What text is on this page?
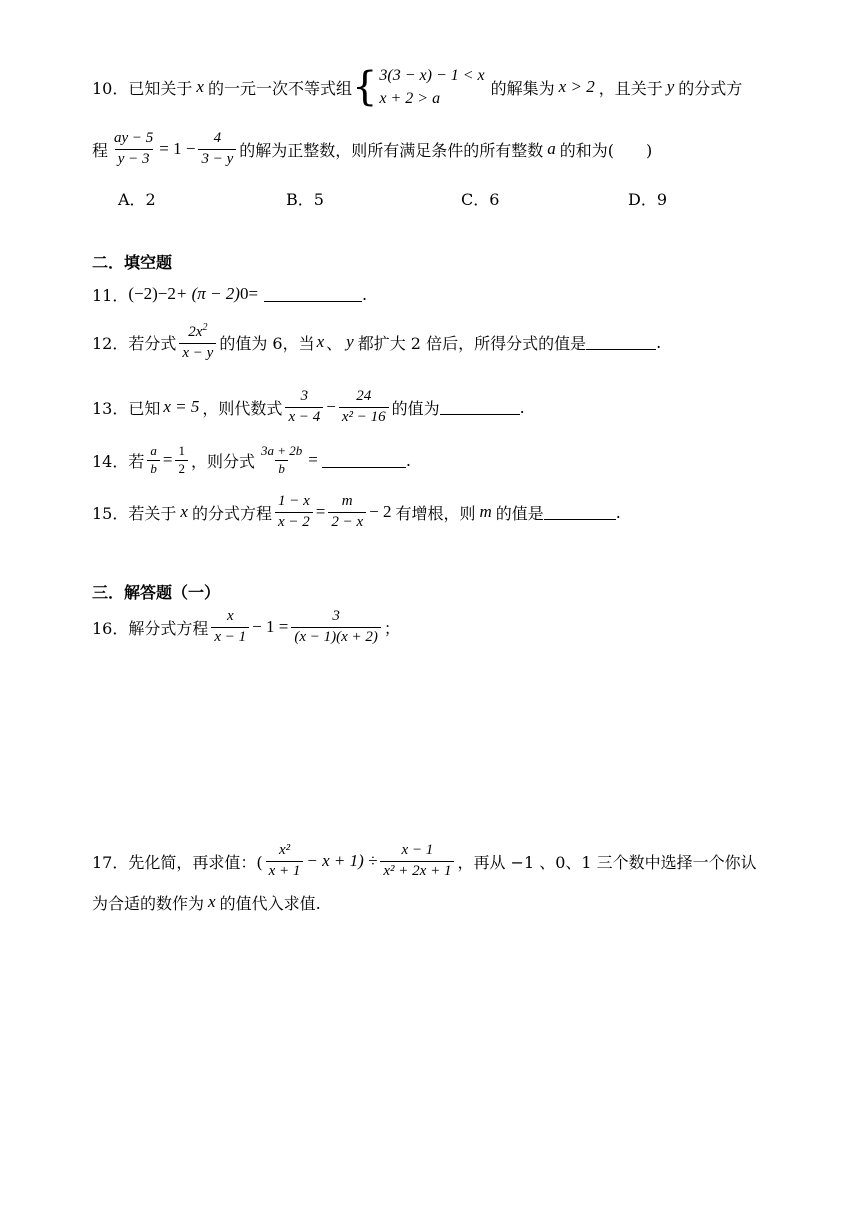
10． 已知关于 x 的一元一次不等式组 { 3(3 − x) − 1 < x
x + 2 > a
的解集为 x > 2 ，且关于 y 的分式方
程 $\frac{ay - 5}{y - 3} = 1 - \frac{4}{3 - y}$ 的解为正整数，则所有满足条件的所有整数 a 的和为(　　)
A．2	B．5	C．6	D．9
二．填空题
11． (−2) −2 + (π − 2) 0 =	.
12． 若分式 $\frac{2x^2}{x - y}$ 的值为 6，当 x 、 y 都扩大 2 倍后，所得分式的值是	.
13． 已知 x = 5 ，则代数式 $\frac{3}{x - 4} - \frac{24}{\text{x² − 16}}$ 的值为	.
14． 若 $\frac{a}{b} = \frac{1}{2}$ ，则分式 $\frac{3a + 2b}{b}$ =	.
15． 若关于 x 的分式方程 $\frac{1 - x}{x - 2} = \frac{m}{2 - x} - 2$ 有增根，则 m 的值是	.
三．解答题（一）
16． 解分式方程 $\frac{x}{x - 1} - 1 = \frac{3}{(x - 1)(x + 2)}$ ；
17． 先化简，再求值：( $\frac{\text{x²}}{x + 1} - x + 1) \div \frac{x - 1}{\text{x² + 2x + 1}}$ ，再从 −1 、0、1 三个数中选择一个你认
为合适的数作为 x 的值代入求值.
